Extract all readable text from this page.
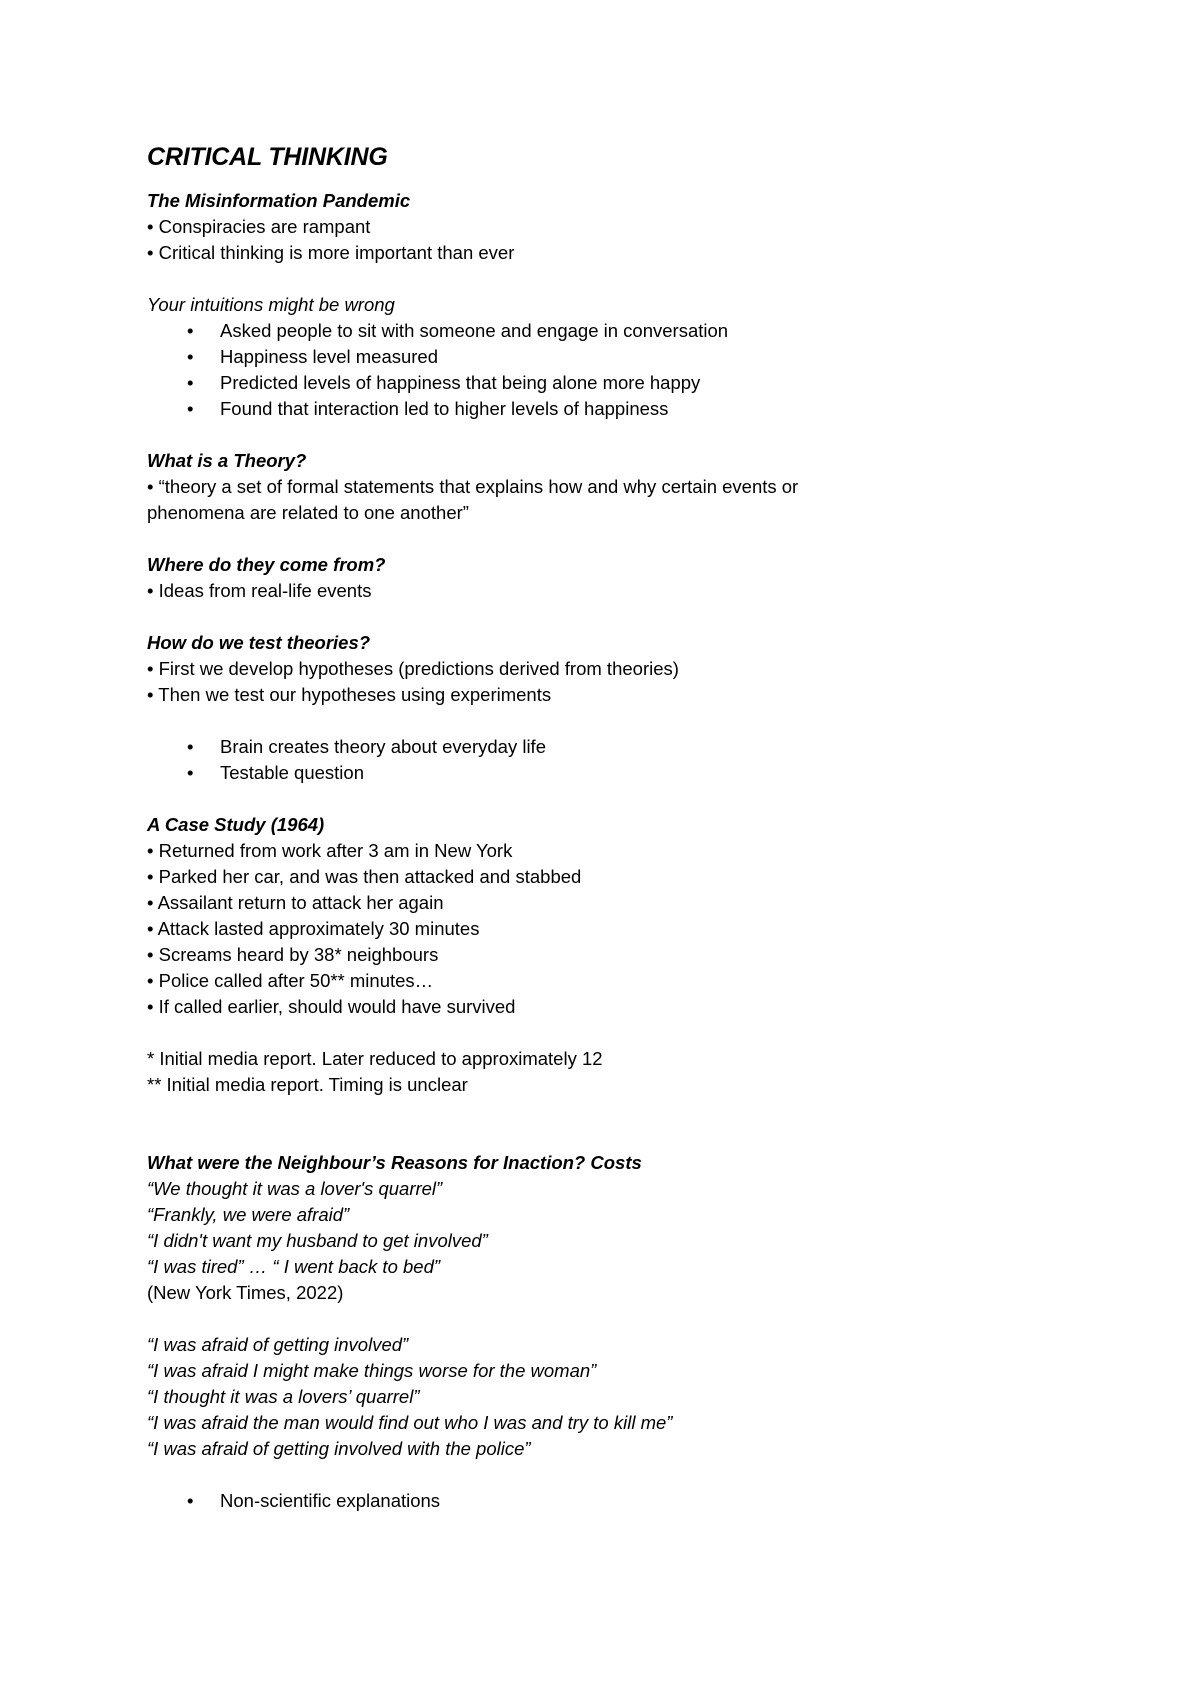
CRITICAL THINKING

The Misinformation Pandemic

• Conspiracies are rampant

• Critical thinking is more important than ever

Your intuitions might be wrong

• Asked people to sit with someone and engage in conversation
• Happiness level measured
• Predicted levels of happiness that being alone more happy
• Found that interaction led to higher levels of happiness

What is a Theory?

• “theory a set of formal statements that explains how and why certain events or phenomena are related to one another”

Where do they come from?

• Ideas from real-life events

How do we test theories?

• First we develop hypotheses (predictions derived from theories)

• Then we test our hypotheses using experiments

• Brain creates theory about everyday life
• Testable question

A Case Study (1964)

• Returned from work after 3 am in New York

• Parked her car, and was then attacked and stabbed

• Assailant return to attack her again

• Attack lasted approximately 30 minutes

• Screams heard by 38* neighbours

• Police called after 50** minutes…

• If called earlier, should would have survived

* Initial media report. Later reduced to approximately 12

** Initial media report. Timing is unclear

What were the Neighbour’s Reasons for Inaction? Costs

“We thought it was a lover's quarrel”

“Frankly, we were afraid”

“I didn't want my husband to get involved”

“I was tired” … “ I went back to bed”

(New York Times, 2022)

“I was afraid of getting involved”

“I was afraid I might make things worse for the woman”

“I thought it was a lovers’ quarrel”

“I was afraid the man would find out who I was and try to kill me”

“I was afraid of getting involved with the police”

• Non-scientific explanations
